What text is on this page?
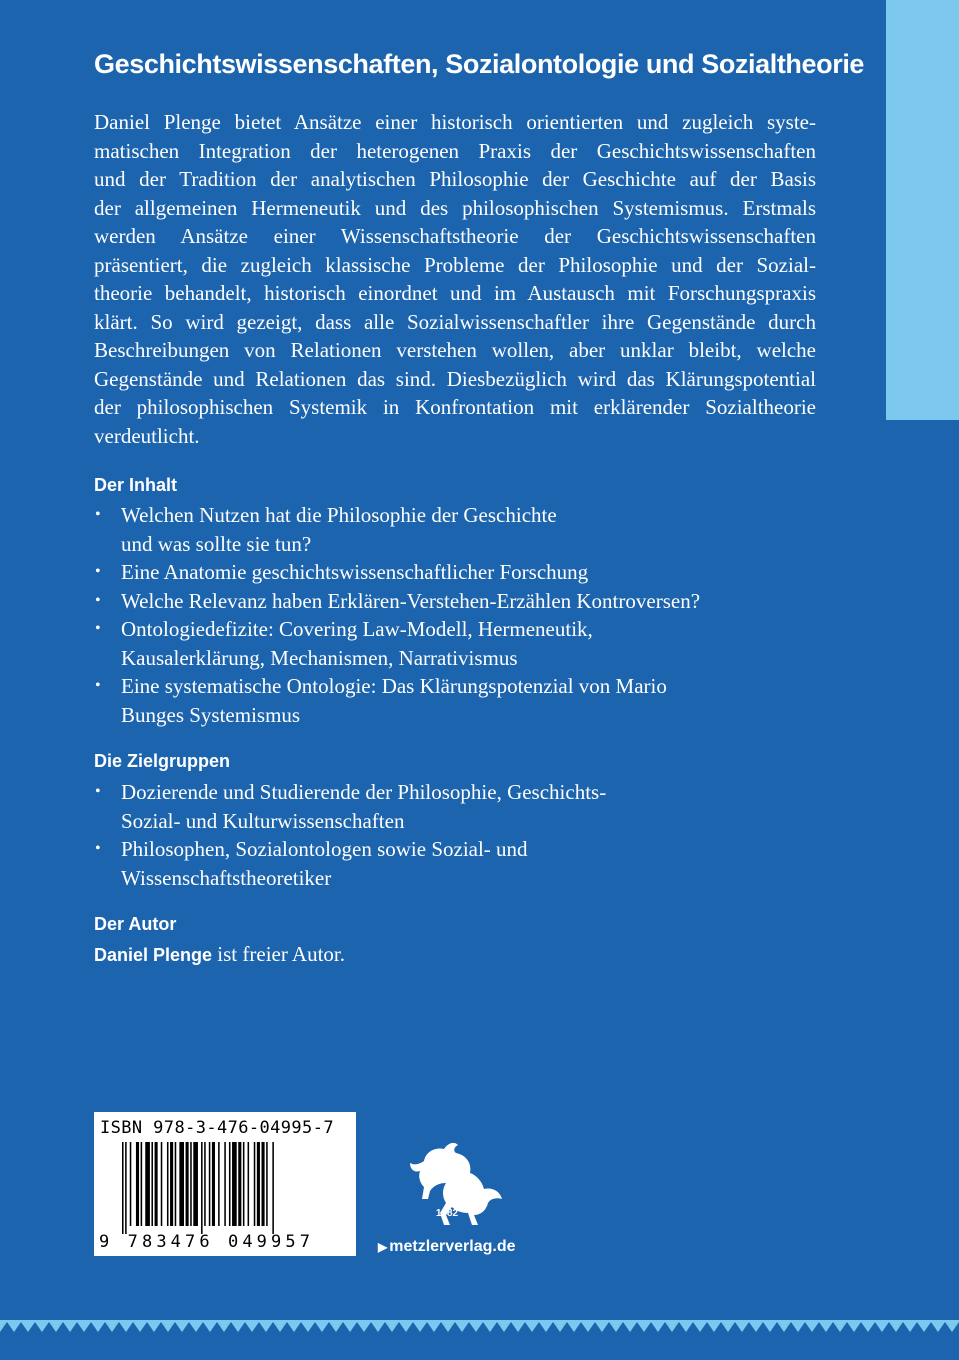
Geschichtswissenschaften, Sozialontologie und Sozialtheorie
Daniel Plenge bietet Ansätze einer historisch orientierten und zugleich syste-
matischen Integration der heterogenen Praxis der Geschichtswissenschaften
und der Tradition der analytischen Philosophie der Geschichte auf der Basis
der allgemeinen Hermeneutik und des philosophischen Systemismus. Erstmals
werden Ansätze einer Wissenschaftstheorie der Geschichtswissenschaften
präsentiert, die zugleich klassische Probleme der Philosophie und der Sozial-
theorie behandelt, historisch einordnet und im Austausch mit Forschungspraxis
klärt. So wird gezeigt, dass alle Sozialwissenschaftler ihre Gegenstände durch
Beschreibungen von Relationen verstehen wollen, aber unklar bleibt, welche
Gegenstände und Relationen das sind. Diesbezüglich wird das Klärungspotential
der philosophischen Systemik in Konfrontation mit erklärender Sozialtheorie
verdeutlicht.
Der Inhalt
• Welchen Nutzen hat die Philosophie der Geschichte
und was sollte sie tun?
• Eine Anatomie geschichtswissenschaftlicher Forschung
• Welche Relevanz haben Erklären-Verstehen-Erzählen Kontroversen?
• Ontologiedefizite: Covering Law-Modell, Hermeneutik,
Kausalerklärung, Mechanismen, Narrativismus
• Eine systematische Ontologie: Das Klärungspotenzial von Mario
Bunges Systemismus
Die Zielgruppen
• Dozierende und Studierende der Philosophie, Geschichts-
Sozial- und Kulturwissenschaften
• Philosophen, Sozialontologen sowie Sozial- und
Wissenschaftstheoretiker
Der Autor
Daniel Plenge ist freier Autor.
ISBN 978-3-476-04995-7
9 783476 049957
1682
▶ metzlerverlag.de
